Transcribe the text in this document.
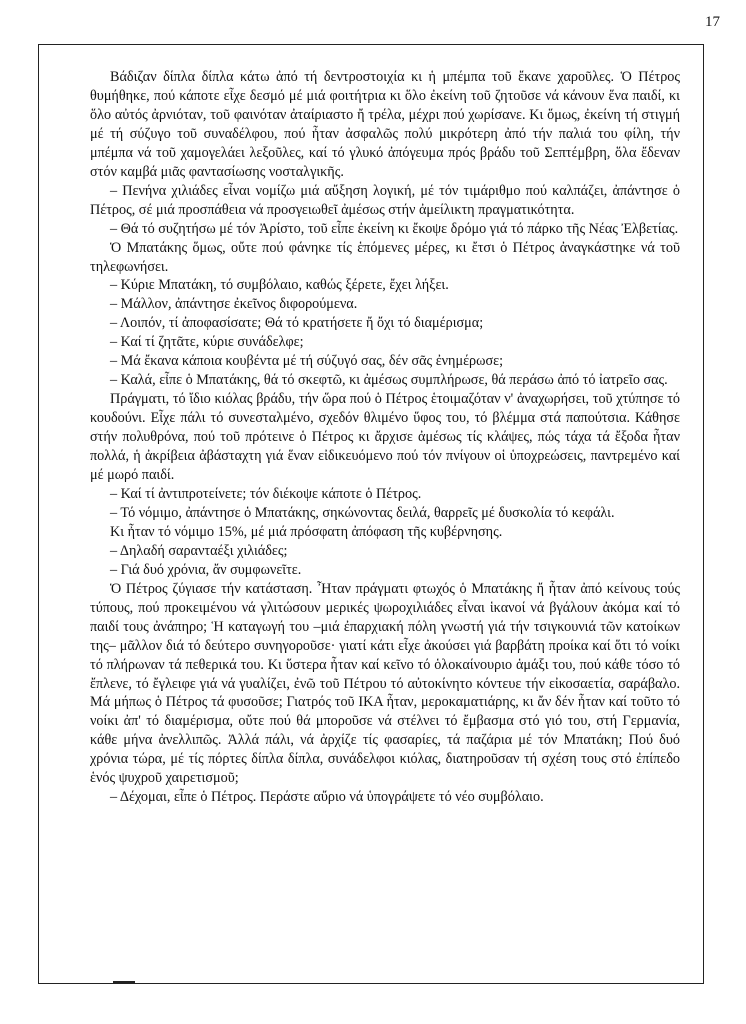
17

Βάδιζαν δίπλα δίπλα κάτω ἀπό τή δεντροστοιχία κι ἡ μπέμπα τοῦ ἔκανε χαροῦλες. Ὁ Πέτρος θυμήθηκε, πού κάποτε εἶχε δεσμό μέ μιά φοιτήτρια κι ὅλο ἐκείνη τοῦ ζητοῦσε νά κάνουν ἕνα παιδί, κι ὅλο αὐτός ἀρνιόταν, τοῦ φαινόταν ἀταίριαστο ἤ τρέλα, μέχρι πού χωρίσανε. Κι ὅμως, ἐκείνη τή στιγμή μέ τή σύζυγο τοῦ συναδέλφου, πού ἦταν ἀσφαλῶς πολύ μικρότερη ἀπό τήν παλιά του φίλη, τήν μπέμπα νά τοῦ χαμογελάει λεξοῦλες, καί τό γλυκό ἀπόγευμα πρός βράδυ τοῦ Σεπτέμβρη, ὅλα ἔδεναν στόν καμβά μιᾶς φαντασίωσης νοσταλγικῆς.

– Πενήνα χιλιάδες εἶναι νομίζω μιά αὔξηση λογική, μέ τόν τιμάριθμο πού καλπάζει, ἀπάντησε ὁ Πέτρος, σέ μιά προσπάθεια νά προσγειωθεῖ ἀμέσως στήν ἀμείλικτη πραγματικότητα.

– Θά τό συζητήσω μέ τόν Ἀρίστο, τοῦ εἶπε ἐκείνη κι ἔκοψε δρόμο γιά τό πάρκο τῆς Νέας Ἐλβετίας.

Ὁ Μπατάκης ὅμως, οὔτε πού φάνηκε τίς ἑπόμενες μέρες, κι ἔτσι ὁ Πέτρος ἀναγκάστηκε νά τοῦ τηλεφωνήσει.

– Κύριε Μπατάκη, τό συμβόλαιο, καθώς ξέρετε, ἔχει λήξει.

– Μάλλον, ἀπάντησε ἐκεῖνος διφορούμενα.

– Λοιπόν, τί ἀποφασίσατε; Θά τό κρατήσετε ἤ ὄχι τό διαμέρισμα;

– Καί τί ζητᾶτε, κύριε συνάδελφε;

– Μά ἔκανα κάποια κουβέντα μέ τή σύζυγό σας, δέν σᾶς ἐνημέρωσε;

– Καλά, εἶπε ὁ Μπατάκης, θά τό σκεφτῶ, κι ἀμέσως συμπλήρωσε, θά περάσω ἀπό τό ἰατρεῖο σας.

Πράγματι, τό ἴδιο κιόλας βράδυ, τήν ὥρα πού ὁ Πέτρος ἑτοιμαζόταν ν' ἀναχωρήσει, τοῦ χτύπησε τό κουδούνι. Εἶχε πάλι τό συνεσταλμένο, σχεδόν θλιμένο ὕφος του, τό βλέμμα στά παπούτσια. Κάθησε στήν πολυθρόνα, πού τοῦ πρότεινε ὁ Πέτρος κι ἄρχισε ἀμέσως τίς κλάψες, πώς τάχα τά ἔξοδα ἦταν πολλά, ἡ ἀκρίβεια ἀβάσταχτη γιά ἕναν εἰδικευόμενο πού τόν πνίγουν οἱ ὑποχρεώσεις, παντρεμένο καί μέ μωρό παιδί.

– Καί τί ἀντιπροτείνετε; τόν διέκοψε κάποτε ὁ Πέτρος.

– Τό νόμιμο, ἀπάντησε ὁ Μπατάκης, σηκώνοντας δειλά, θαρρεῖς μέ δυσκολία τό κεφάλι.

Κι ἦταν τό νόμιμο 15%, μέ μιά πρόσφατη ἀπόφαση τῆς κυβέρνησης.

– Δηλαδή σαρανταέξι χιλιάδες;

– Γιά δυό χρόνια, ἄν συμφωνεῖτε.

Ὁ Πέτρος ζύγιασε τήν κατάσταση. Ἦταν πράγματι φτωχός ὁ Μπατάκης ἤ ἦταν ἀπό κείνους τούς τύπους, πού προκειμένου νά γλιτώσουν μερικές ψωροχιλιάδες εἶναι ἱκανοί νά βγάλουν ἀκόμα καί τό παιδί τους ἀνάπηρο; Ἡ καταγωγή του –μιά ἐπαρχιακή πόλη γνωστή γιά τήν τσιγκουνιά τῶν κατοίκων της– μᾶλλον διά τό δεύτερο συνηγοροῦσε· γιατί κάτι εἶχε ἀκούσει γιά βαρβάτη προίκα καί ὅτι τό νοίκι τό πλήρωναν τά πεθερικά του. Κι ὕστερα ἦταν καί κεῖνο τό ὁλοκαίνουριο ἁμάξι του, πού κάθε τόσο τό ἔπλενε, τό ἔγλειφε γιά νά γυαλίζει, ἐνῶ τοῦ Πέτρου τό αὐτοκίνητο κόντευε τήν εἰκοσαετία, σαράβαλο. Μά μήπως ὁ Πέτρος τά φυσοῦσε; Γιατρός τοῦ ΙΚΑ ἦταν, μεροκαματιάρης, κι ἄν δέν ἦταν καί τοῦτο τό νοίκι ἀπ' τό διαμέρισμα, οὔτε πού θά μποροῦσε νά στέλνει τό ἔμβασμα στό γιό του, στή Γερμανία, κάθε μήνα ἀνελλιπῶς. Ἀλλά πάλι, νά ἀρχίζε τίς φασαρίες, τά παζάρια μέ τόν Μπατάκη; Πού δυό χρόνια τώρα, μέ τίς πόρτες δίπλα δίπλα, συνάδελφοι κιόλας, διατηροῦσαν τή σχέση τους στό ἐπίπεδο ἑνός ψυχροῦ χαιρετισμοῦ;

– Δέχομαι, εἶπε ὁ Πέτρος. Περάστε αὔριο νά ὑπογράψετε τό νέο συμβόλαιο.
